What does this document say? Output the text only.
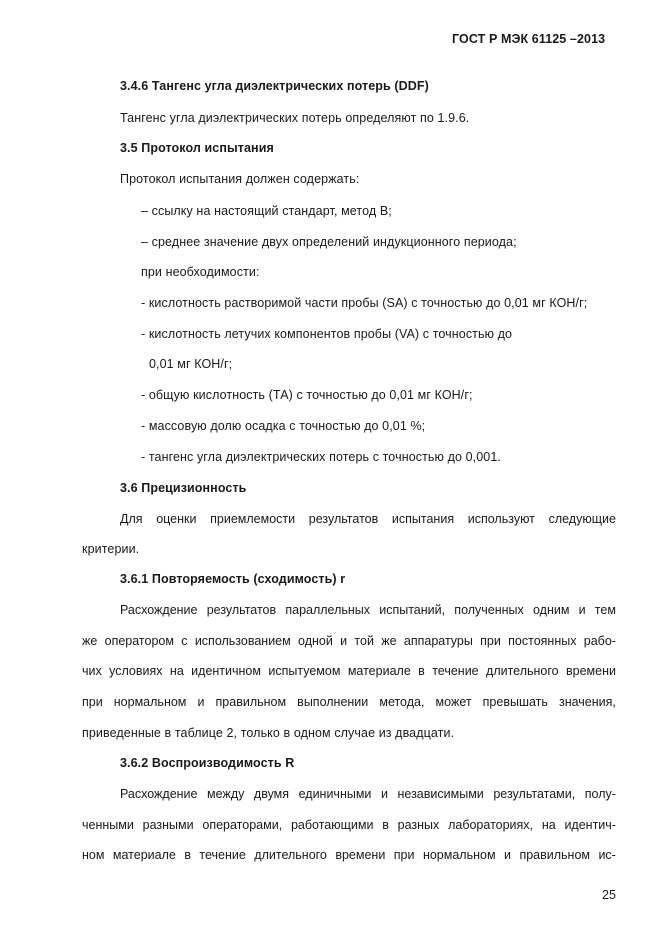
ГОСТ Р МЭК 61125 –2013
3.4.6 Тангенс угла диэлектрических потерь (DDF)
Тангенс угла диэлектрических потерь определяют по 1.9.6.
3.5 Протокол испытания
Протокол испытания должен содержать:
– ссылку на настоящий стандарт, метод В;
– среднее значение двух определений индукционного периода;
при необходимости:
- кислотность растворимой части пробы (SA) с точностью до 0,01 мг КОН/г;
- кислотность летучих компонентов пробы (VA) с точностью до
0,01 мг КОН/г;
- общую кислотность (ТА) с точностью до 0,01 мг КОН/г;
- массовую долю осадка с точностью до 0,01 %;
- тангенс угла диэлектрических потерь с точностью до 0,001.
3.6 Прецизионность
Для оценки приемлемости результатов испытания используют следующие
критерии.
3.6.1 Повторяемость (сходимость) r
Расхождение результатов параллельных испытаний, полученных одним и тем
же оператором с использованием одной и той же аппаратуры при постоянных рабо-
чих условиях на идентичном испытуемом материале в течение длительного времени
при нормальном и правильном выполнении метода, может превышать значения,
приведенные в таблице 2, только в одном случае из двадцати.
3.6.2 Воспроизводимость R
Расхождение между двумя единичными и независимыми результатами, полу-
ченными разными операторами, работающими в разных лабораториях, на идентич-
ном материале в течение длительного времени при нормальном и правильном ис-
25
